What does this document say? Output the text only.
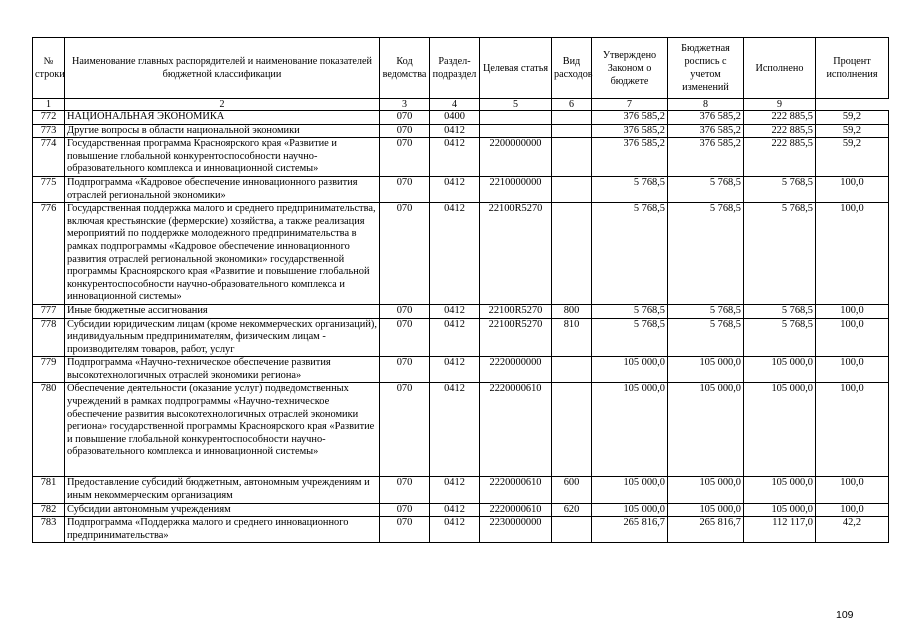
№ строки	Наименование главных распорядителей и наименование показателей бюджетной классификации	Код ведомства	Раздел-подраздел	Целевая статья	Вид расходов	Утверждено Законом о бюджете	Бюджетная роспись с учетом изменений	Исполнено	Процент исполнения
1	2	3	4	5	6	7	8	9	
772	НАЦИОНАЛЬНАЯ ЭКОНОМИКА	070	0400			376 585,2	376 585,2	222 885,5	59,2
773	Другие вопросы в области национальной экономики	070	0412			376 585,2	376 585,2	222 885,5	59,2
774	Государственная программа Красноярского края «Развитие и повышение глобальной конкурентоспособности научно-образовательного комплекса и инновационной системы»	070	0412	2200000000		376 585,2	376 585,2	222 885,5	59,2
775	Подпрограмма «Кадровое обеспечение инновационного развития отраслей региональной экономики»	070	0412	2210000000		5 768,5	5 768,5	5 768,5	100,0
776	Государственная поддержка малого и среднего предпринимательства, включая крестьянские (фермерские) хозяйства, а также реализация мероприятий по поддержке молодежного предпринимательства в рамках подпрограммы «Кадровое обеспечение инновационного развития отраслей региональной экономики» государственной программы Красноярского края «Развитие и повышение глобальной конкурентоспособности научно-образовательного комплекса и инновационной системы»	070	0412	22100R5270		5 768,5	5 768,5	5 768,5	100,0
777	Иные бюджетные ассигнования	070	0412	22100R5270	800	5 768,5	5 768,5	5 768,5	100,0
778	Субсидии юридическим лицам (кроме некоммерческих организаций), индивидуальным предпринимателям, физическим лицам - производителям товаров, работ, услуг	070	0412	22100R5270	810	5 768,5	5 768,5	5 768,5	100,0
779	Подпрограмма «Научно-техническое обеспечение развития высокотехнологичных отраслей экономики региона»	070	0412	2220000000		105 000,0	105 000,0	105 000,0	100,0
780	Обеспечение деятельности (оказание услуг) подведомственных учреждений в рамках подпрограммы «Научно-техническое обеспечение развития высокотехнологичных отраслей экономики региона» государственной программы Красноярского края «Развитие и повышение глобальной конкурентоспособности научно-образовательного комплекса и инновационной системы»	070	0412	2220000610		105 000,0	105 000,0	105 000,0	100,0
781	Предоставление субсидий бюджетным, автономным учреждениям и иным некоммерческим организациям	070	0412	2220000610	600	105 000,0	105 000,0	105 000,0	100,0
782	Субсидии автономным учреждениям	070	0412	2220000610	620	105 000,0	105 000,0	105 000,0	100,0
783	Подпрограмма «Поддержка малого и среднего инновационного предпринимательства»	070	0412	2230000000		265 816,7	265 816,7	112 117,0	42,2
109
